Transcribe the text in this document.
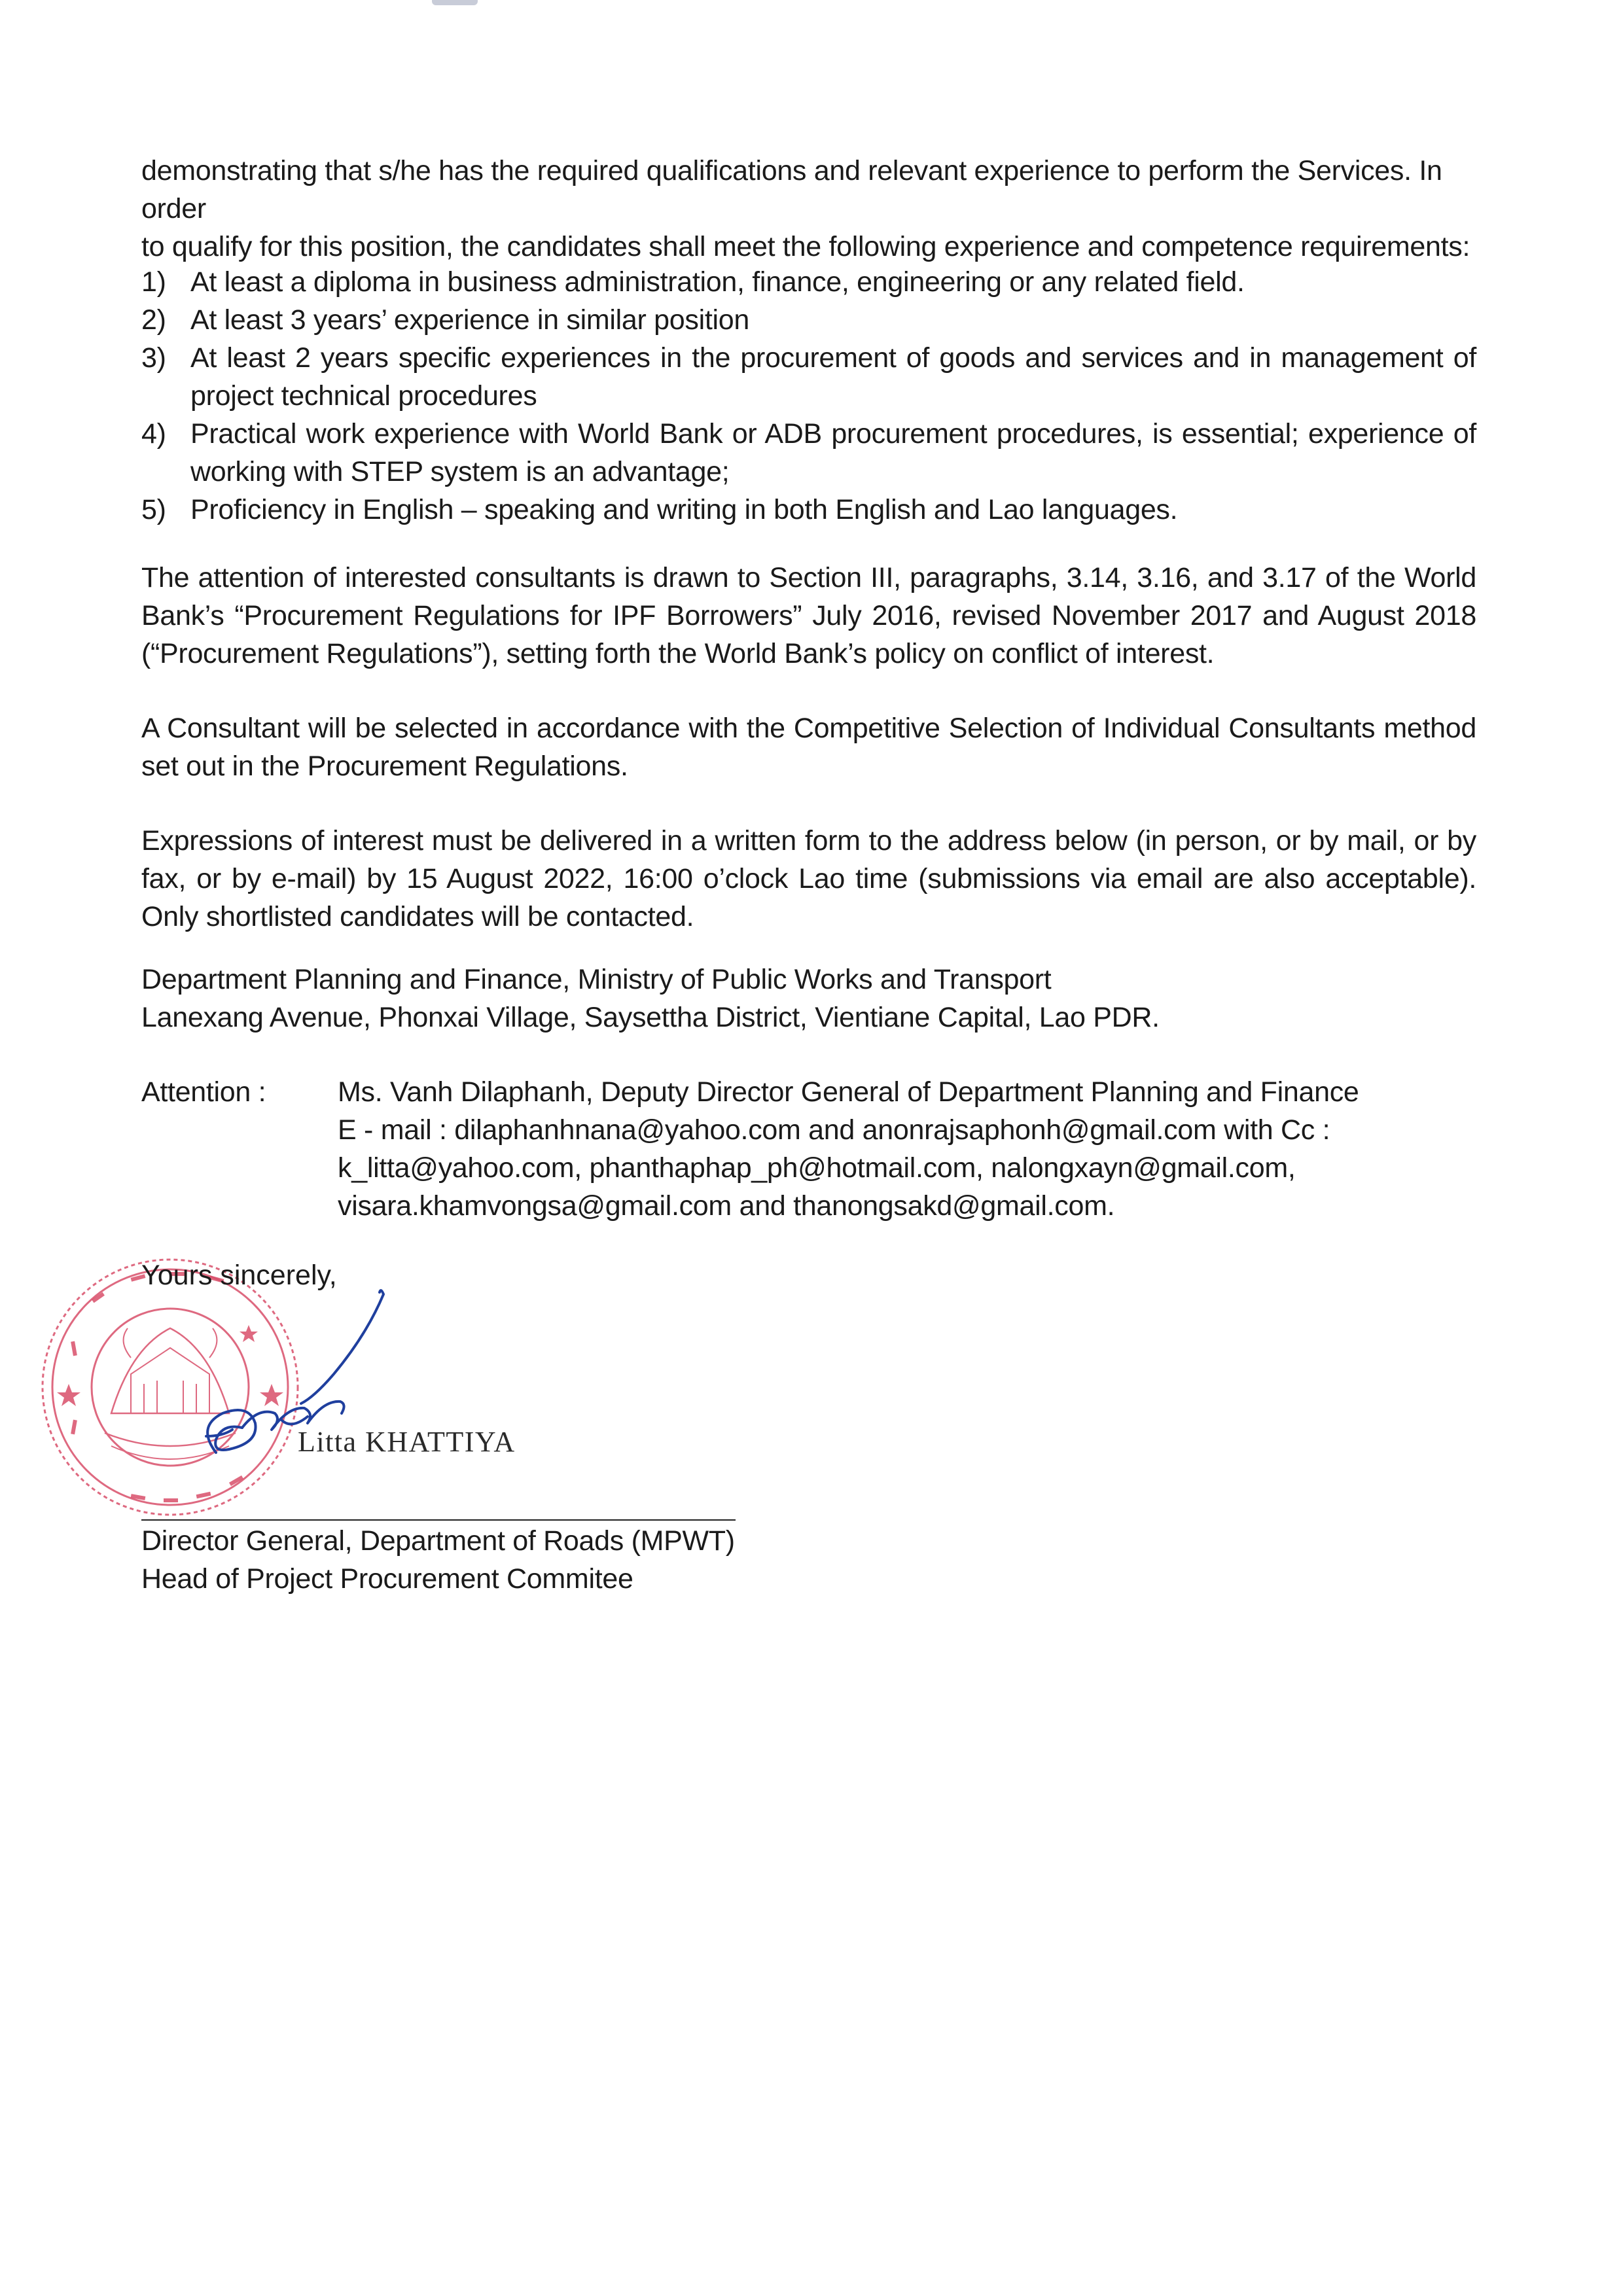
demonstrating that s/he has the required qualifications and relevant experience to perform the Services. In order
to qualify for this position, the candidates shall meet the following experience and competence requirements:
1) At least a diploma in business administration, finance, engineering or any related field.
2) At least 3 years’ experience in similar position
3) At least 2 years specific experiences in the procurement of goods and services and in management of project technical procedures
4) Practical work experience with World Bank or ADB procurement procedures, is essential; experience of working with STEP system is an advantage;
5) Proficiency in English – speaking and writing in both English and Lao languages.
The attention of interested consultants is drawn to Section III, paragraphs, 3.14, 3.16, and 3.17 of the World Bank’s “Procurement Regulations for IPF Borrowers” July 2016, revised November 2017 and August 2018 (“Procurement Regulations”), setting forth the World Bank’s policy on conflict of interest.
A Consultant will be selected in accordance with the Competitive Selection of Individual Consultants method set out in the Procurement Regulations.
Expressions of interest must be delivered in a written form to the address below (in person, or by mail, or by fax, or by e-mail) by 15 August 2022, 16:00 o’clock Lao time (submissions via email are also acceptable). Only shortlisted candidates will be contacted.
Department Planning and Finance, Ministry of Public Works and Transport
Lanexang Avenue, Phonxai Village, Saysettha District, Vientiane Capital, Lao PDR.
Attention :	Ms. Vanh Dilaphanh, Deputy Director General of Department Planning and Finance
E - mail : dilaphanhnana@yahoo.com and anonrajsaphonh@gmail.com with Cc :
k_litta@yahoo.com, phanthaphap_ph@hotmail.com, nalongxayn@gmail.com,
visara.khamvongsa@gmail.com and thanongsakd@gmail.com.
Yours sincerely,
Litta KHATTIYA
Director General, Department of Roads (MPWT)
Head of Project Procurement Commitee
